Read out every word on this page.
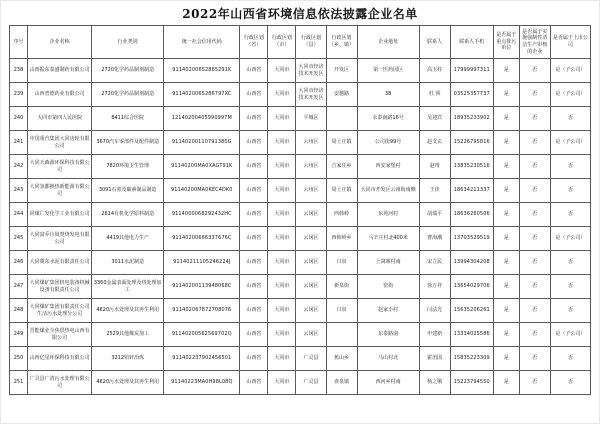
2022年山西省环境信息依法披露企业名单
序号	企业名称	行业类别	统一社会信用代码	行政区划（省）	行政区划（市）	行政区划（县）	行政区划（乡、镇）	企业地址	联系人	联系人手机	是否属于重点排污单位	是否属于实施强制性清洁生产审核的企业	是否属于上市公司
238	山西振东泰盛制药有限公司	2720化学药品制剂制造	91140200652865291K	山西省	大同市	大同市经济技术开发区	开发区	第一医药园区	高玉柱	17999997311	是	否	是（子公司）
239	山西普德药业有限公司	2720化学药品制剂制造	9114020065286797XC	山西省	大同市	大同市经济技术开发区	安驰路	38	杜 预	03525357737	是	否	是（子公司）
240	大同市第四人民医院	8411综合医院	12140200405990997M	山西省	大同市	平城区		永泰南路16号	吴迎宾	18935233902	是	否	否
241	中国重汽集团大同齿轮有限公司	3670汽车零部件及配件制造	91140200110791380G	山西省	大同市	云州区	周士庄镇	公司街99号	赵文玄	15226795816	是	否	是（子公司）
242	大同天森源环保科技有限公司	7820环境卫生管理	91140200MA0XAGT91K	山西省	大同市	云州区	吉家庄乡	西安家堡村	赵靖	13835230516	是	否	否
243	大同氢都换热新能源有限公司	3091石墨及碳素制品制造	91140200MA0KEC4DK0	山西省	大同市	云州区	周士庄镇	大同市开发区云州街南侧	王佳	18634211337	是	否	否
244	同煤广发化学工业有限公司	2614有机化学原料制造	9114000068292432HC	山西省	大同市	云冈区	西韩岭	东苑河村	胡瑞平	18636260506	是	否	否
245	大同富乔垃圾焚烧发电有限公司	4419其他电力生产	91140200666337676C	山西省	大同市	云冈区	西韩岭乡	马辛庄村北400米	曹海潮	13703529519	是	否	是（子公司）
246	大同冀东水泥有限责任公司	3011水泥制造	91140211105246224J	山西省	大同市	云冈区	口泉	上窝寨村南	宋立民	13994304208	是	否	否
247	大同煤矿集团机电装备机械设备有限责任公司	3360金属表面处理及热处理加工	91140200113948068C	山西省	大同市	云冈区	新泉街	窑街	徐万祥	13654029706	是	否	否
248	大同煤矿集团有限责任公司生活污水处理分公司	4620污水处理及其再生利用	911402067872708076	山西省	大同市	云冈区	口泉	赵家小村	闫法光	15635206261	是	否	否
249	晋能煤业全焦供热电山西有限公司	2529其他煤炭加工	91140200562569702Q	山西省	大同市	云冈区		东泰路南	申建新	13334025586	是	否	是（子公司）
250	山西亿星环保科技有限公司	3212铅锌冶炼	911402237902456501	山西省	大同市	广灵县	蕉山乡	马山村北	霍治国	15835223309	是	否	否
251	广灵县广清污水处理有限公司	4620污水处理及其再生利用	91140223MA0H98L08Q	山西省	大同市	广灵县	壶泉镇	西河乡村南	杨之顺	15223794550	是	否	否
